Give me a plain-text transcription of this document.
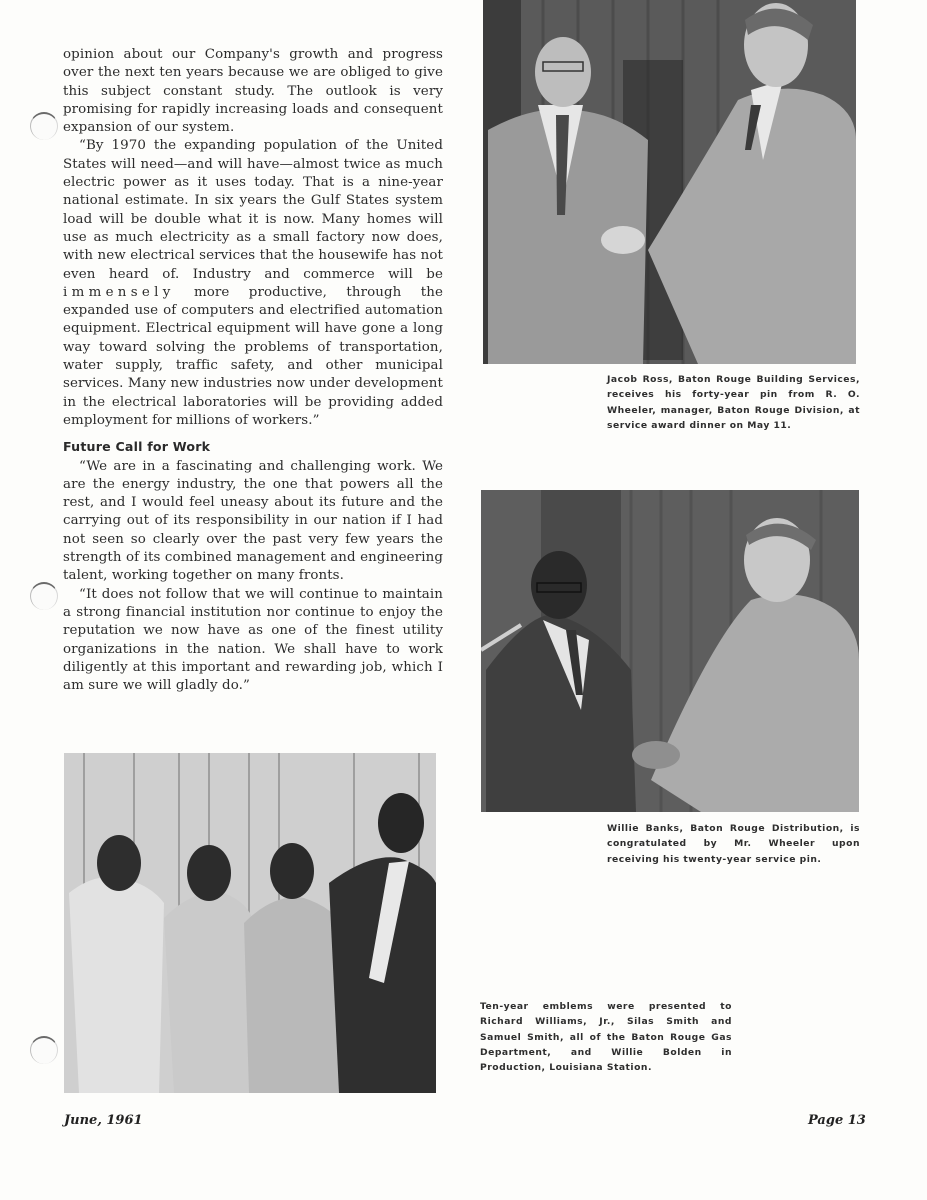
opinion about our Company's growth and progress over the next ten years because we are obliged to give this subject constant study. The outlook is very promising for rapidly increasing loads and consequent expansion of our system.

“By 1970 the expanding population of the United States will need—and will have—almost twice as much electric power as it uses today. That is a nine-year national estimate. In six years the Gulf States system load will be double what it is now. Many homes will use as much electricity as a small factory now does, with new electrical services that the housewife has not even heard of. Industry and commerce will be immensely more productive, through the expanded use of computers and electrified automation equipment. Electrical equipment will have gone a long way toward solving the problems of transportation, water supply, traffic safety, and other municipal services. Many new industries now under development in the electrical laboratories will be providing added employment for millions of workers.”

Future Call for Work

“We are in a fascinating and challenging work. We are the energy industry, the one that powers all the rest, and I would feel uneasy about its future and the carrying out of its responsibility in our nation if I had not seen so clearly over the past very few years the strength of its combined management and engineering talent, working together on many fronts.

“It does not follow that we will continue to maintain a strong financial institution nor continue to enjoy the reputation we now have as one of the finest utility organizations in the nation. We shall have to work diligently at this important and rewarding job, which I am sure we will gladly do.”

Jacob Ross, Baton Rouge Building Services, receives his forty-year pin from R. O. Wheeler, manager, Baton Rouge Division, at service award dinner on May 11.
Willie Banks, Baton Rouge Distribution, is congratulated by Mr. Wheeler upon receiving his twenty-year service pin.
Ten-year emblems were presented to Richard Williams, Jr., Silas Smith and Samuel Smith, all of the Baton Rouge Gas Department, and Willie Bolden in Production, Louisiana Station.
June, 1961	Page 13
